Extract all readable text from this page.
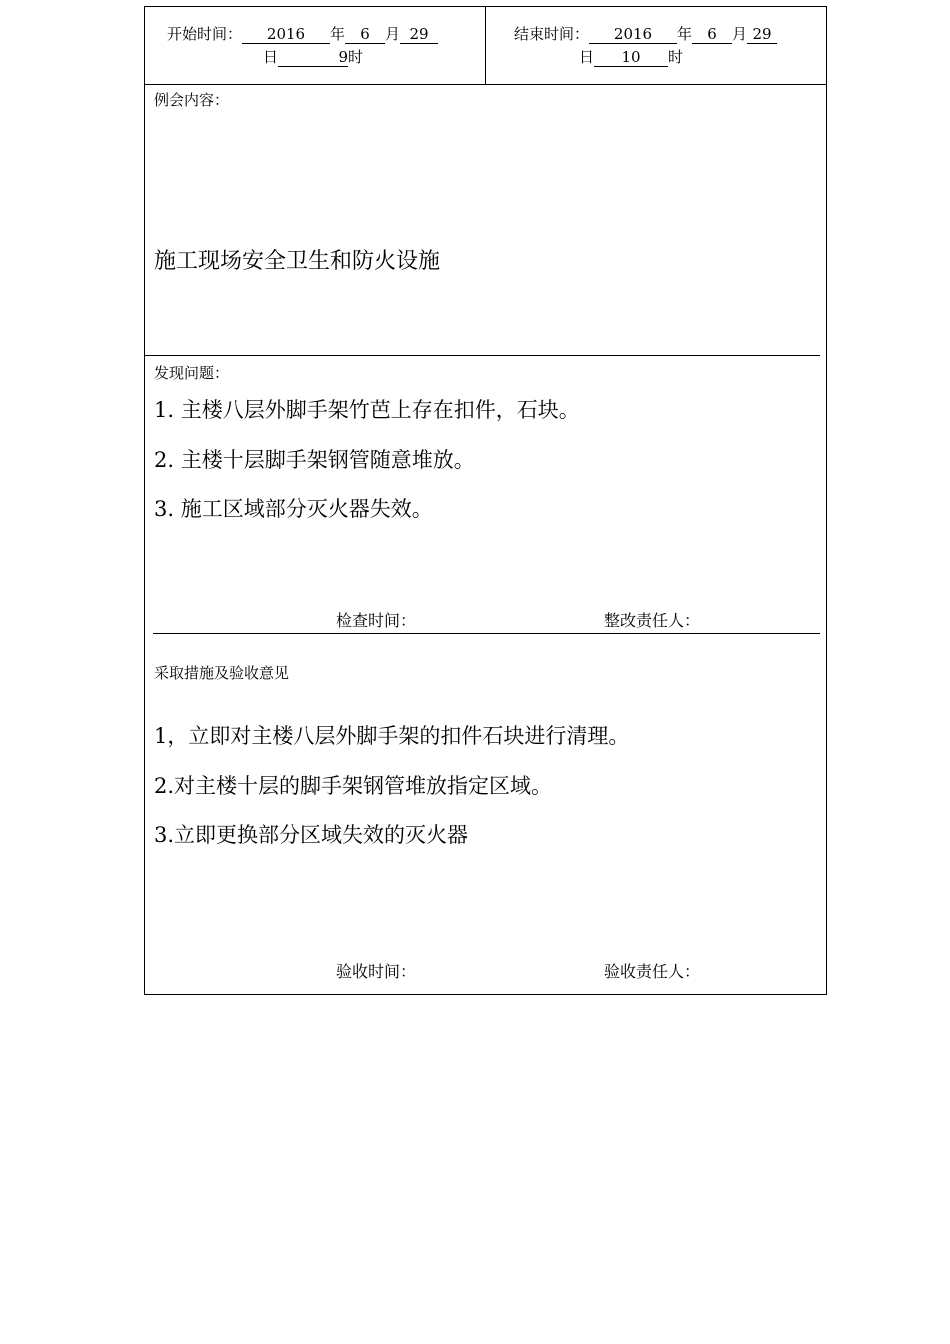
开始时间： 2016 年 6 月 29
日	9时
结束时间： 2016 年 6 月 29
日 10 时
例会内容：
施工现场安全卫生和防火设施
发现问题：
1. 主楼八层外脚手架竹芭上存在扣件，石块。
2. 主楼十层脚手架钢管随意堆放。
3. 施工区域部分灭火器失效。
检查时间：	整改责任人：
采取措施及验收意见
1，立即对主楼八层外脚手架的扣件石块进行清理。
2.对主楼十层的脚手架钢管堆放指定区域。
3.立即更换部分区域失效的灭火器
验收时间：	验收责任人：
